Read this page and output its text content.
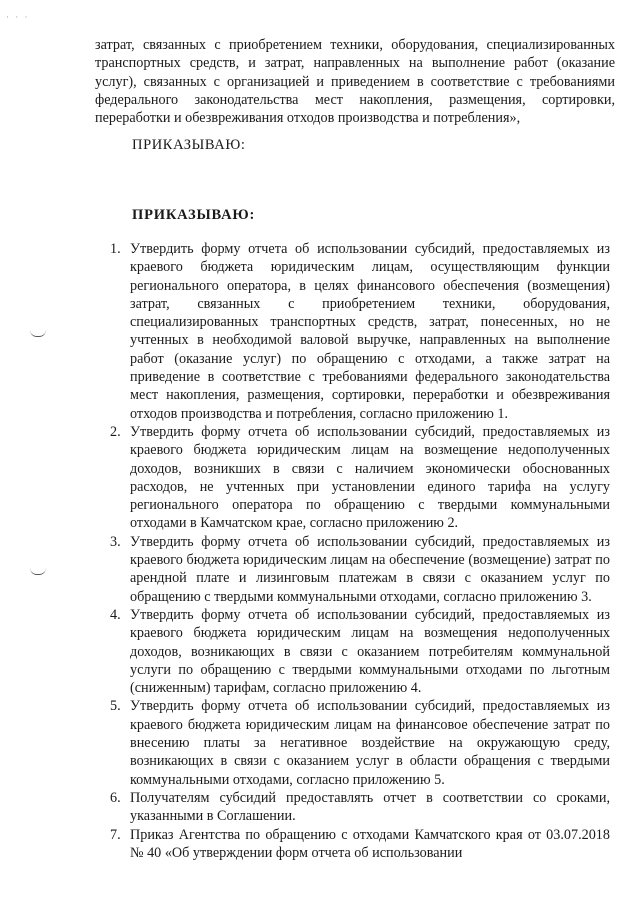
· · ·

затрат, связанных с приобретением техники, оборудования, специализированных транспортных средств, и затрат, направленных на выполнение работ (оказание услуг), связанных с организацией и приведением в соответствие с требованиями федерального законодательства мест накопления, размещения, сортировки, переработки и обезвреживания отходов производства и потребления»,

ПРИКАЗЫВАЮ:

ПРИКАЗЫВАЮ:

1. Утвердить форму отчета об использовании субсидий, предоставляемых из краевого бюджета юридическим лицам, осуществляющим функции регионального оператора, в целях финансового обеспечения (возмещения) затрат, связанных с приобретением техники, оборудования, специализированных транспортных средств, затрат, понесенных, но не учтенных в необходимой валовой выручке, направленных на выполнение работ (оказание услуг) по обращению с отходами, а также затрат на приведение в соответствие с требованиями федерального законодательства мест накопления, размещения, сортировки, переработки и обезвреживания отходов производства и потребления, согласно приложению 1.

2. Утвердить форму отчета об использовании субсидий, предоставляемых из краевого бюджета юридическим лицам на возмещение недополученных доходов, возникших в связи с наличием экономически обоснованных расходов, не учтенных при установлении единого тарифа на услугу регионального оператора по обращению с твердыми коммунальными отходами в Камчатском крае, согласно приложению 2.

3. Утвердить форму отчета об использовании субсидий, предоставляемых из краевого бюджета юридическим лицам на обеспечение (возмещение) затрат по арендной плате и лизинговым платежам в связи с оказанием услуг по обращению с твердыми коммунальными отходами, согласно приложению 3.

4. Утвердить форму отчета об использовании субсидий, предоставляемых из краевого бюджета юридическим лицам на возмещения недополученных доходов, возникающих в связи с оказанием потребителям коммунальной услуги по обращению с твердыми коммунальными отходами по льготным (сниженным) тарифам, согласно приложению 4.

5. Утвердить форму отчета об использовании субсидий, предоставляемых из краевого бюджета юридическим лицам на финансовое обеспечение затрат по внесению платы за негативное воздействие на окружающую среду, возникающих в связи с оказанием услуг в области обращения с твердыми коммунальными отходами, согласно приложению 5.

6. Получателям субсидий предоставлять отчет в соответствии со сроками, указанными в Соглашении.

7. Приказ Агентства по обращению с отходами Камчатского края от 03.07.2018 № 40 «Об утверждении форм отчета об использовании
